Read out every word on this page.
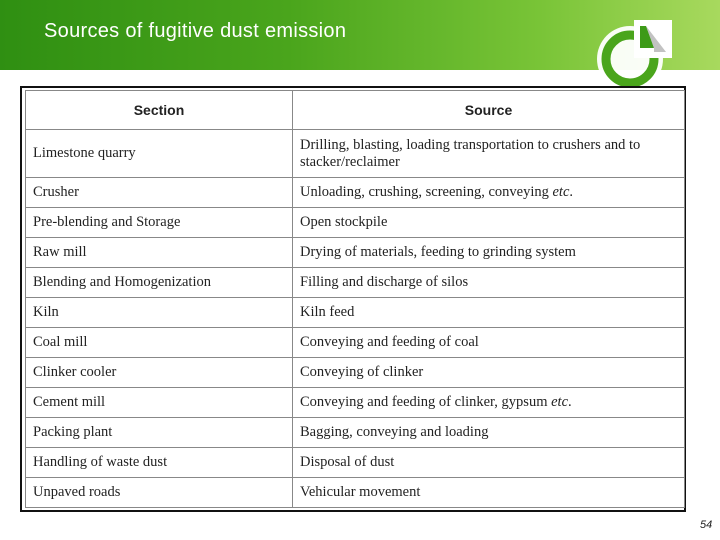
Sources of fugitive dust emission
Section	Source
Limestone quarry	Drilling, blasting, loading transportation to crushers and to stacker/reclaimer
Crusher	Unloading, crushing, screening, conveying etc.
Pre-blending and Storage	Open stockpile
Raw mill	Drying of materials, feeding to grinding system
Blending and Homogenization	Filling and discharge of silos
Kiln	Kiln feed
Coal mill	Conveying and feeding of coal
Clinker cooler	Conveying of clinker
Cement mill	Conveying and feeding of clinker, gypsum etc.
Packing plant	Bagging, conveying and loading
Handling of waste dust	Disposal of dust
Unpaved roads	Vehicular movement
54
